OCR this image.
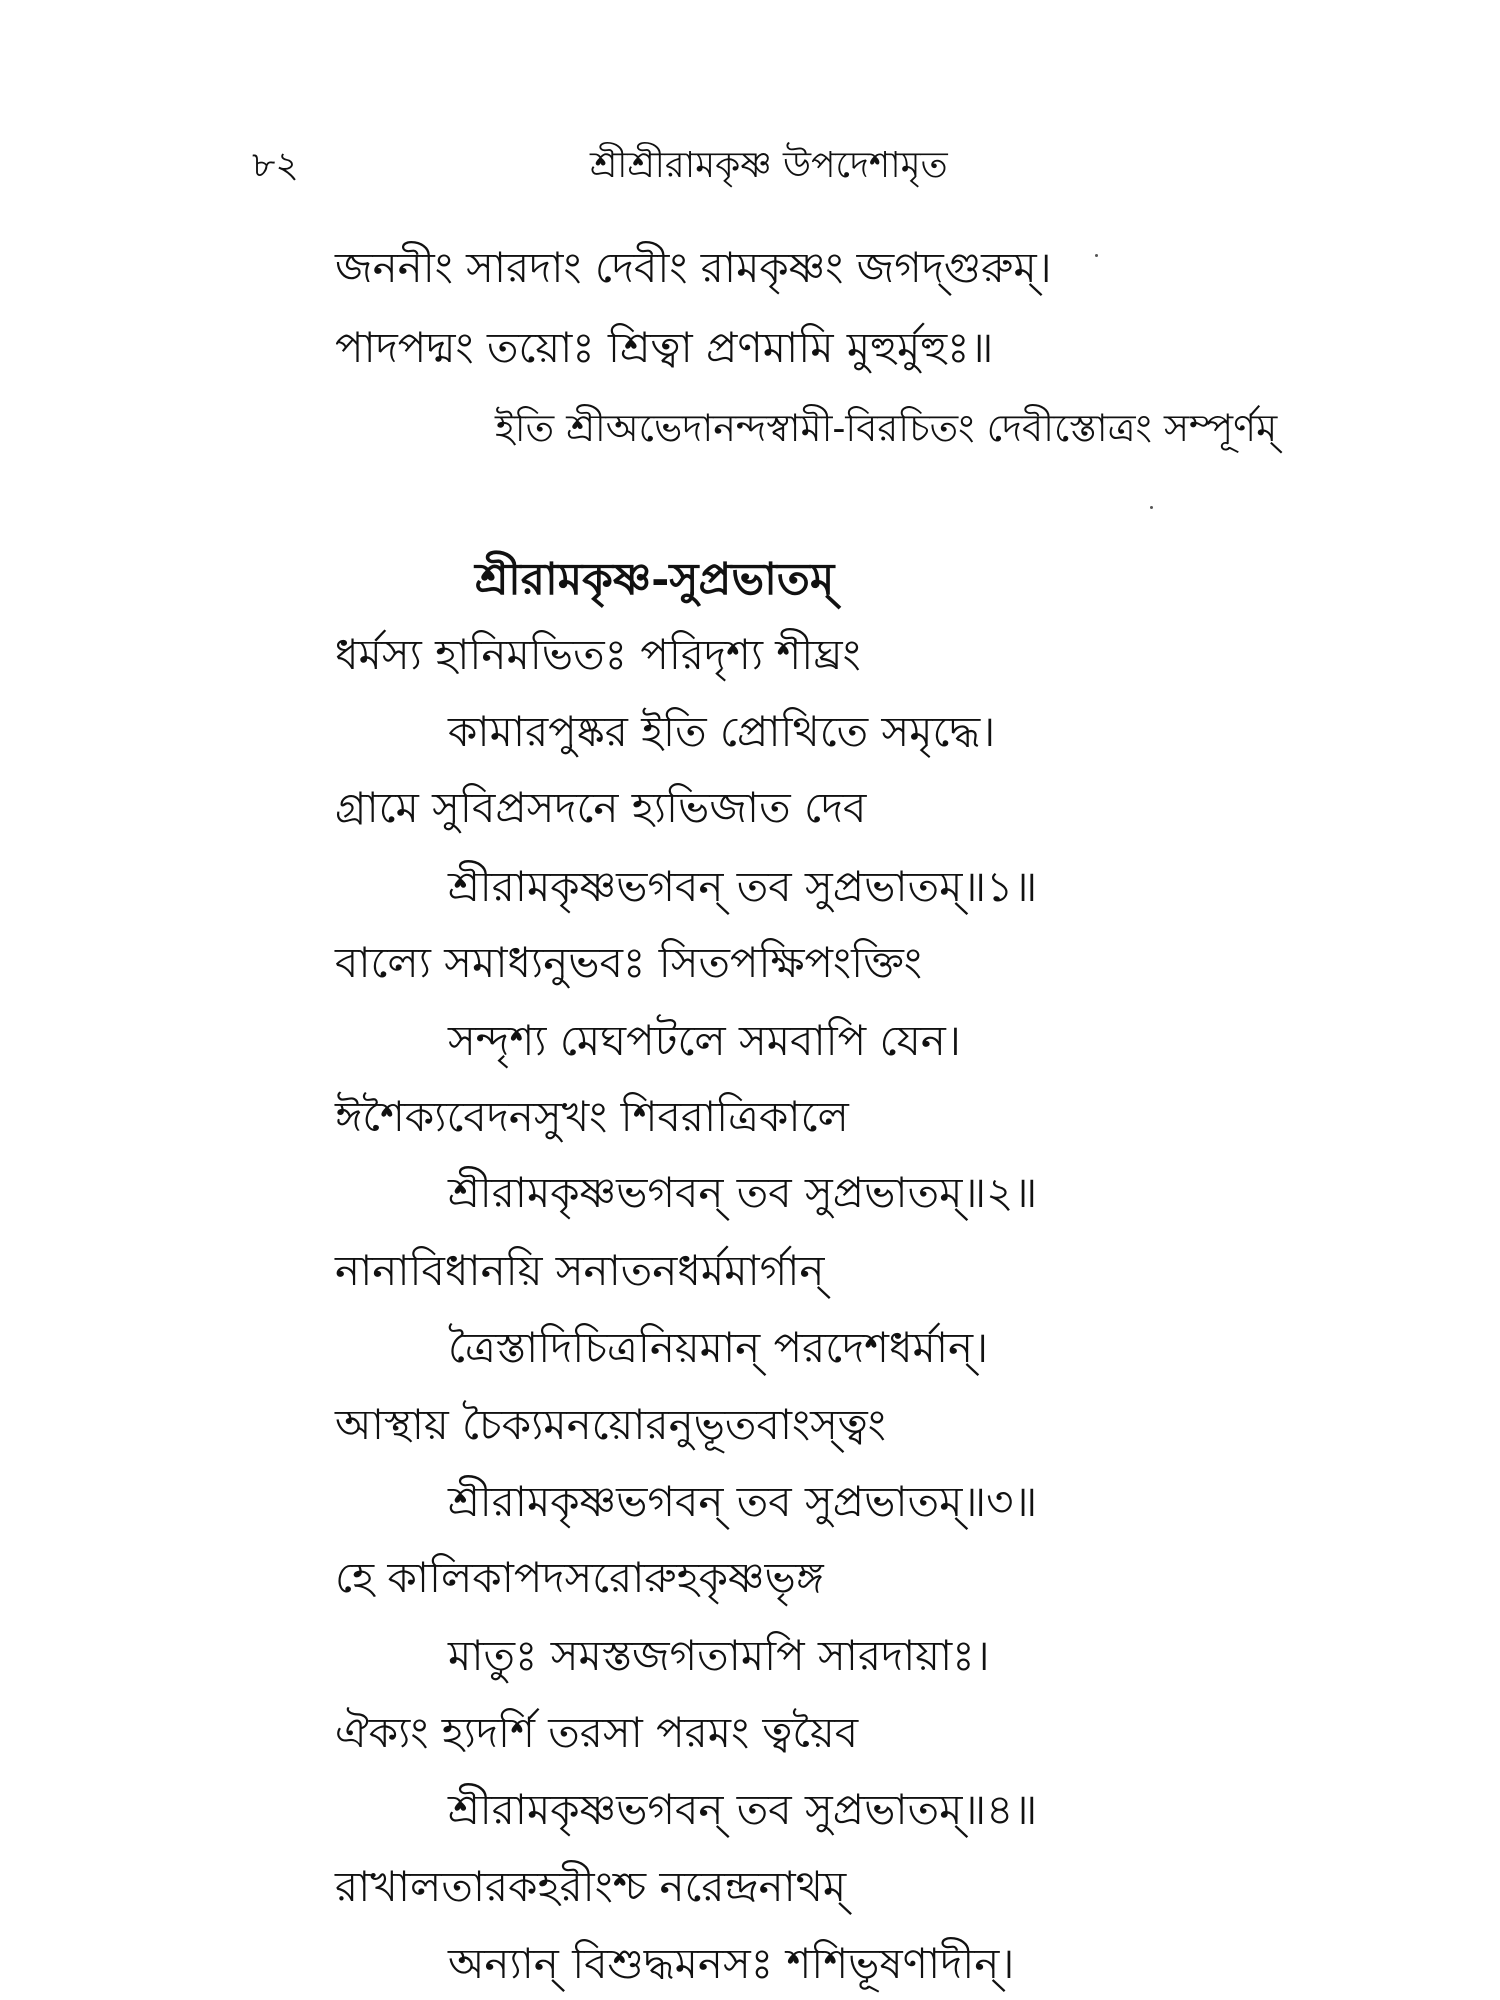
৮২	শ্রীশ্রীরামকৃষ্ণ উপদেশামৃত
জননীং সারদাং দেবীং রামকৃষ্ণং জগদ্‌গুরুম্।
পাদপদ্মং তয়োঃ শ্রিত্বা প্রণমামি মুহুর্মুহুঃ॥
ইতি শ্রীঅভেদানন্দস্বামী-বিরচিতং দেবীস্তোত্রং সম্পূর্ণম্
শ্রীরামকৃষ্ণ-সুপ্রভাতম্
ধর্মস্য হানিমভিতঃ পরিদৃশ্য শীঘ্রং
কামারপুষ্কর ইতি প্রোথিতে সমৃদ্ধে।
গ্রামে সুবিপ্রসদনে হ্যভিজাত দেব
শ্রীরামকৃষ্ণভগবন্ তব সুপ্রভাতম্॥১॥
বাল্যে সমাধ্যনুভবঃ সিতপক্ষিপংক্তিং
সন্দৃশ্য মেঘপটলে সমবাপি যেন।
ঈশৈক্যবেদনসুখং শিবরাত্রিকালে
শ্রীরামকৃষ্ণভগবন্ তব সুপ্রভাতম্॥২॥
নানাবিধানয়ি সনাতনধর্মমার্গান্
ত্রৈস্তাদিচিত্রনিয়মান্ পরদেশধর্মান্।
আস্থায় চৈক্যমনয়োরনুভূতবাংস্ত্বং
শ্রীরামকৃষ্ণভগবন্ তব সুপ্রভাতম্॥৩॥
হে কালিকাপদসরোরুহকৃষ্ণভৃঙ্গ
মাতুঃ সমস্তজগতামপি সারদায়াঃ।
ঐক্যং হ্যদর্শি তরসা পরমং ত্বয়ৈব
শ্রীরামকৃষ্ণভগবন্ তব সুপ্রভাতম্॥৪॥
রাখালতারকহরীংশ্চ নরেন্দ্রনাথম্
অন্যান্ বিশুদ্ধমনসঃ শশিভূষণাদীন্।
